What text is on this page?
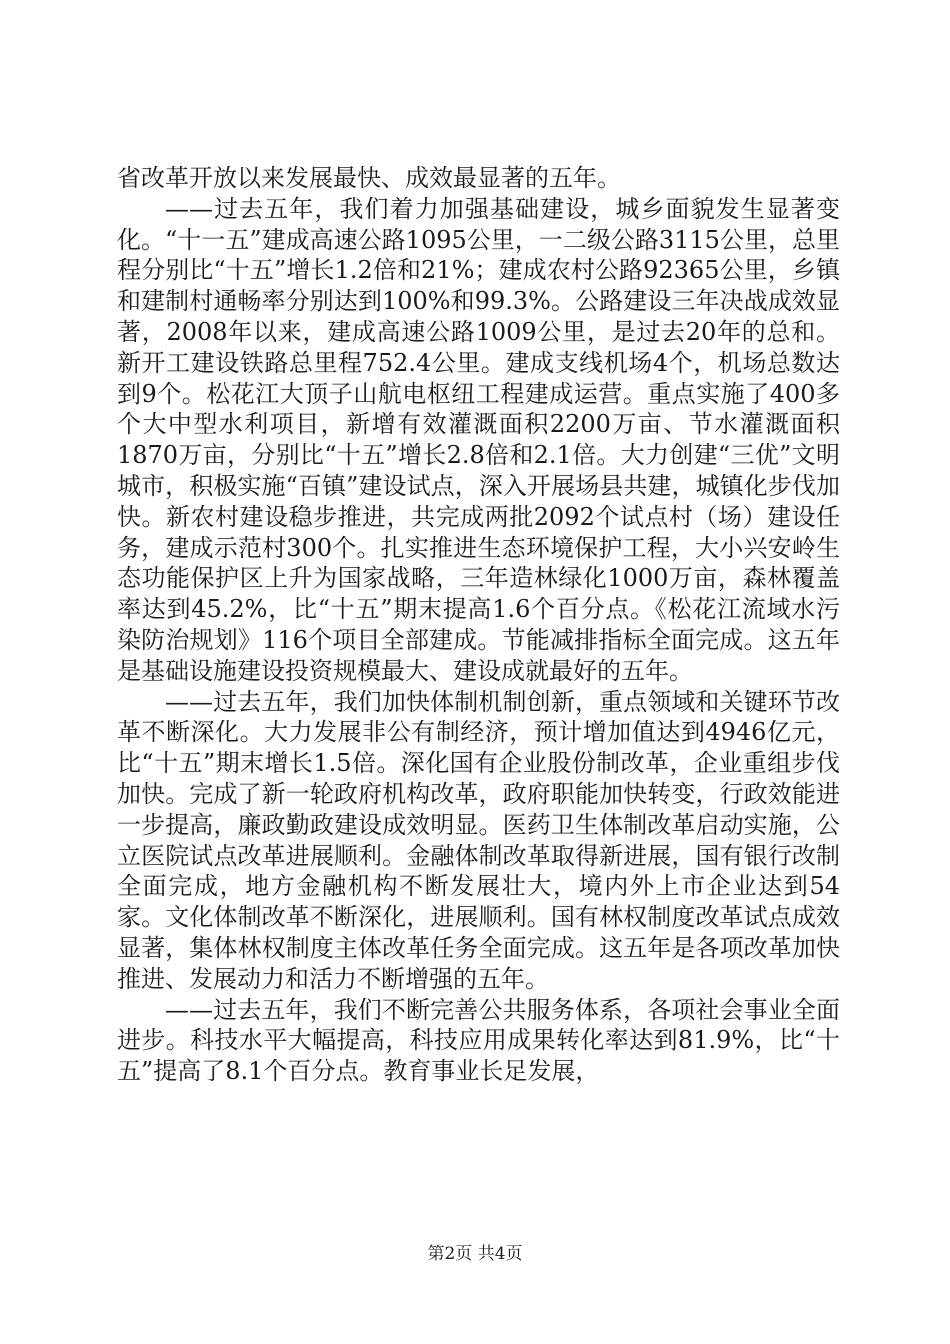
省改革开放以来发展最快、成效最显著的五年。

——过去五年，我们着力加强基础建设，城乡面貌发生显著变化。“十一五”建成高速公路1095公里，一二级公路3115公里，总里程分别比“十五”增长1.2倍和21%；建成农村公路92365公里，乡镇和建制村通畅率分别达到100%和99.3%。公路建设三年决战成效显著，2008年以来，建成高速公路1009公里，是过去20年的总和。新开工建设铁路总里程752.4公里。建成支线机场4个，机场总数达到9个。松花江大顶子山航电枢纽工程建成运营。重点实施了400多个大中型水利项目，新增有效灌溉面积2200万亩、节水灌溉面积1870万亩，分别比“十五”增长2.8倍和2.1倍。大力创建“三优”文明城市，积极实施“百镇”建设试点，深入开展场县共建，城镇化步伐加快。新农村建设稳步推进，共完成两批2092个试点村（场）建设任务，建成示范村300个。扎实推进生态环境保护工程，大小兴安岭生态功能保护区上升为国家战略，三年造林绿化1000万亩，森林覆盖率达到45.2%，比“十五”期末提高1.6个百分点。《松花江流域水污染防治规划》116个项目全部建成。节能减排指标全面完成。这五年是基础设施建设投资规模最大、建设成就最好的五年。

——过去五年，我们加快体制机制创新，重点领域和关键环节改革不断深化。大力发展非公有制经济，预计增加值达到4946亿元，比“十五”期末增长1.5倍。深化国有企业股份制改革，企业重组步伐加快。完成了新一轮政府机构改革，政府职能加快转变，行政效能进一步提高，廉政勤政建设成效明显。医药卫生体制改革启动实施，公立医院试点改革进展顺利。金融体制改革取得新进展，国有银行改制全面完成，地方金融机构不断发展壮大，境内外上市企业达到54家。文化体制改革不断深化，进展顺利。国有林权制度改革试点成效显著，集体林权制度主体改革任务全面完成。这五年是各项改革加快推进、发展动力和活力不断增强的五年。

——过去五年，我们不断完善公共服务体系，各项社会事业全面进步。科技水平大幅提高，科技应用成果转化率达到81.9%，比“十五”提高了8.1个百分点。教育事业长足发展，

第2页 共4页
